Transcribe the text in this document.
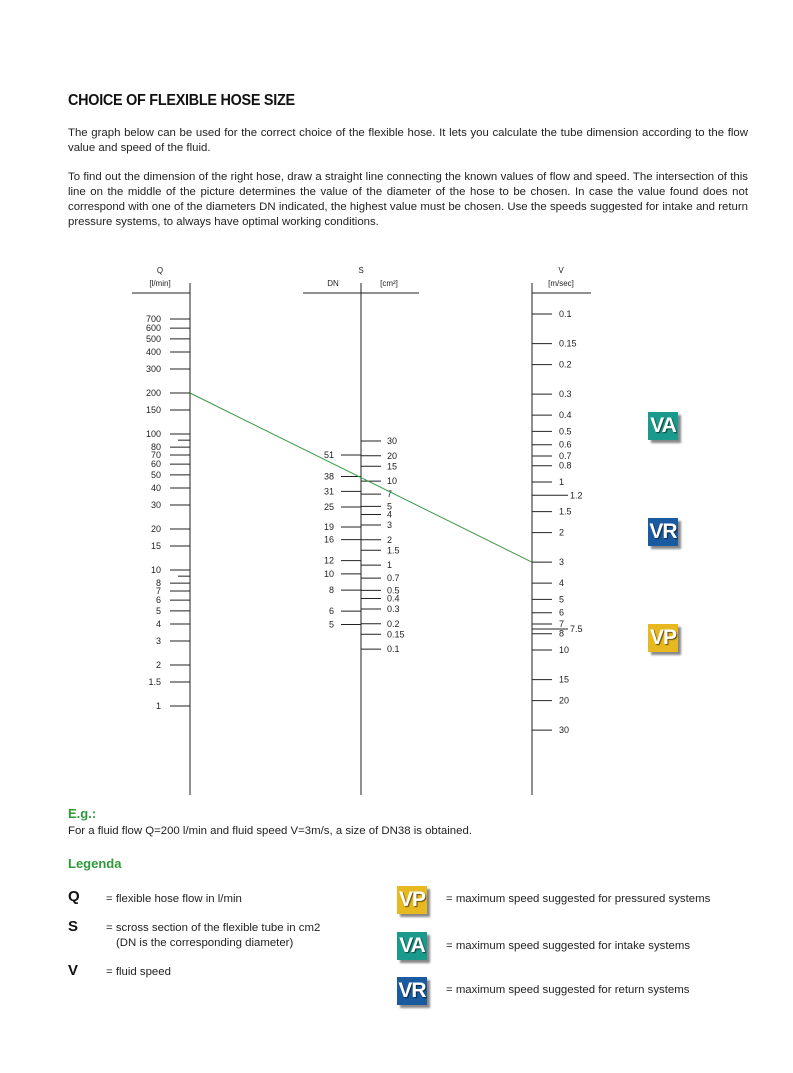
CHOICE OF FLEXIBLE HOSE SIZE

The graph below can be used for the correct choice of the flexible hose. It lets you calculate the tube dimension according to the flow value and speed of the fluid.

To find out the dimension of the right hose, draw a straight line connecting the known values of flow and speed. The intersection of this line on the middle of the picture determines the value of the diameter of the hose to be chosen. In case the value found does not correspond with one of the diameters DN indicated, the highest value must be chosen. Use the speeds suggested for intake and return pressure systems, to always have optimal working conditions.

Q
[l/min]
S
DN	[cm²]
V
[m/sec]
700
600
500
400
300
200
150
100
80
70
60
50
40
30
20
15
10
8
7
6
5
4
3
2
1.5
1
51
38
31
25
19
16
12
10
8
6
5
30
20
15
10
7
5
4
3
2
1.5
1
0.7
0.5
0.4
0.3
0.2
0.15
0.1
0.1
0.15
0.2
0.3
0.4
0.5
0.6
0.7
0.8
1
1.2
1.5
2
3
4
5
6
7
7.5
8
10
15
20
30
VA
VR
VP

E.g.:

For a fluid flow Q=200 l/min and fluid speed V=3m/s, a size of DN38 is obtained.

Legenda

Q = flexible hose flow in l/min
S = scross section of the flexible tube in cm2
(DN is the corresponding diameter)
V = fluid speed
VP = maximum speed suggested for pressured systems
VA = maximum speed suggested for intake systems
VR = maximum speed suggested for return systems
